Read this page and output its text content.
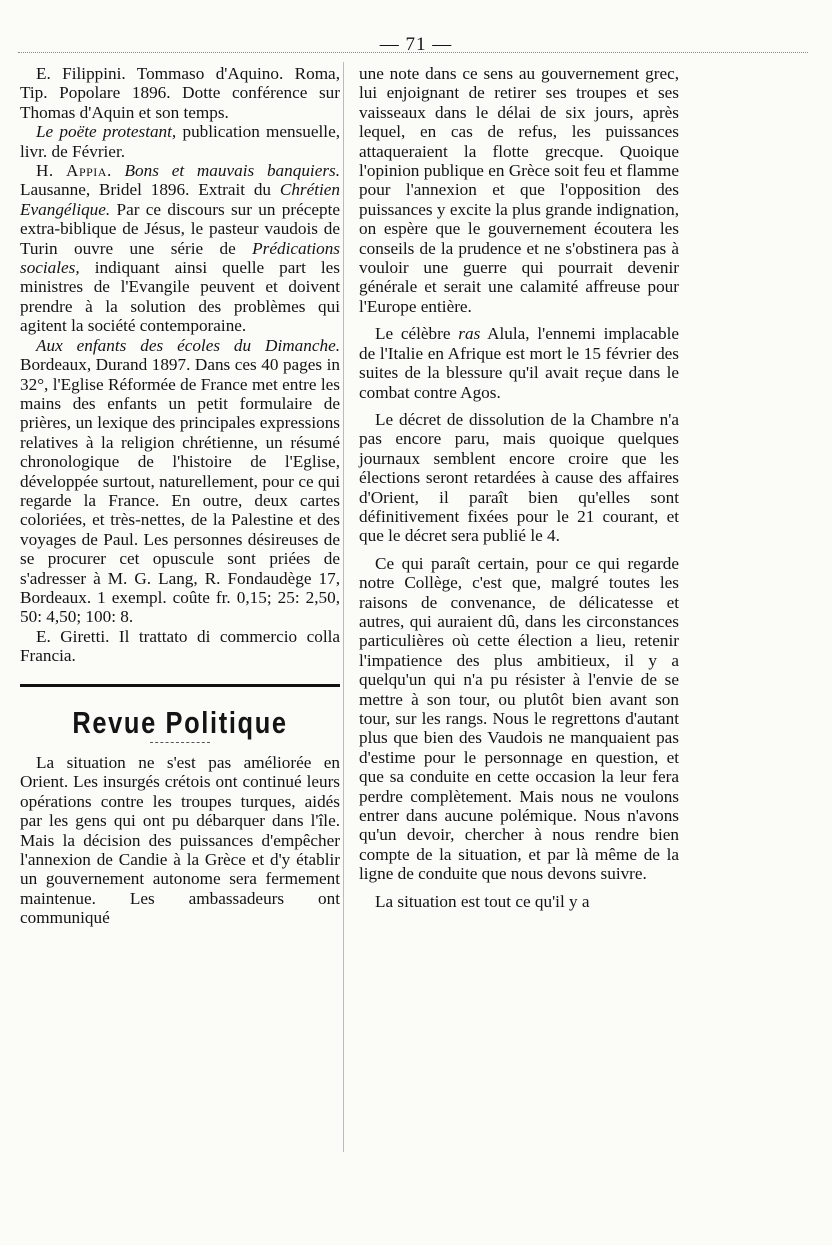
— 71 —

E. Filippini. Tommaso d'Aquino. Roma, Tip. Popolare 1896. Dotte conférence sur Thomas d'Aquin et son temps.

Le poëte protestant, publication mensuelle, livr. de Février.

H. Appia. Bons et mauvais banquiers. Lausanne, Bridel 1896. Extrait du Chrétien Evangélique. Par ce discours sur un précepte extra-biblique de Jésus, le pasteur vaudois de Turin ouvre une série de Prédications sociales, indiquant ainsi quelle part les ministres de l'Evangile peuvent et doivent prendre à la solution des problèmes qui agitent la société contemporaine.

Aux enfants des écoles du Dimanche. Bordeaux, Durand 1897. Dans ces 40 pages in 32°, l'Eglise Réformée de France met entre les mains des enfants un petit formulaire de prières, un lexique des principales expressions relatives à la religion chrétienne, un résumé chronologique de l'histoire de l'Eglise, développée surtout, naturellement, pour ce qui regarde la France. En outre, deux cartes coloriées, et très-nettes, de la Palestine et des voyages de Paul. Les personnes désireuses de se procurer cet opuscule sont priées de s'adresser à M. G. Lang, R. Fondaudège 17, Bordeaux. 1 exempl. coûte fr. 0,15; 25: 2,50, 50: 4,50; 100: 8.

E. Giretti. Il trattato di commercio colla Francia.

Revue Politique

La situation ne s'est pas améliorée en Orient. Les insurgés crétois ont continué leurs opérations contre les troupes turques, aidés par les gens qui ont pu débarquer dans l'île. Mais la décision des puissances d'empêcher l'annexion de Candie à la Grèce et d'y établir un gouvernement autonome sera fermement maintenue. Les ambassadeurs ont communiqué

une note dans ce sens au gouvernement grec, lui enjoignant de retirer ses troupes et ses vaisseaux dans le délai de six jours, après lequel, en cas de refus, les puissances attaqueraient la flotte grecque. Quoique l'opinion publique en Grèce soit feu et flamme pour l'annexion et que l'opposition des puissances y excite la plus grande indignation, on espère que le gouvernement écoutera les conseils de la prudence et ne s'obstinera pas à vouloir une guerre qui pourrait devenir générale et serait une calamité affreuse pour l'Europe entière.

Le célèbre ras Alula, l'ennemi implacable de l'Italie en Afrique est mort le 15 février des suites de la blessure qu'il avait reçue dans le combat contre Agos.

Le décret de dissolution de la Chambre n'a pas encore paru, mais quoique quelques journaux semblent encore croire que les élections seront retardées à cause des affaires d'Orient, il paraît bien qu'elles sont définitivement fixées pour le 21 courant, et que le décret sera publié le 4.

Ce qui paraît certain, pour ce qui regarde notre Collège, c'est que, malgré toutes les raisons de convenance, de délicatesse et autres, qui auraient dû, dans les circonstances particulières où cette élection a lieu, retenir l'impatience des plus ambitieux, il y a quelqu'un qui n'a pu résister à l'envie de se mettre à son tour, ou plutôt bien avant son tour, sur les rangs. Nous le regrettons d'autant plus que bien des Vaudois ne manquaient pas d'estime pour le personnage en question, et que sa conduite en cette occasion la leur fera perdre complètement. Mais nous ne voulons entrer dans aucune polémique. Nous n'avons qu'un devoir, chercher à nous rendre bien compte de la situation, et par là même de la ligne de conduite que nous devons suivre.

La situation est tout ce qu'il y a
